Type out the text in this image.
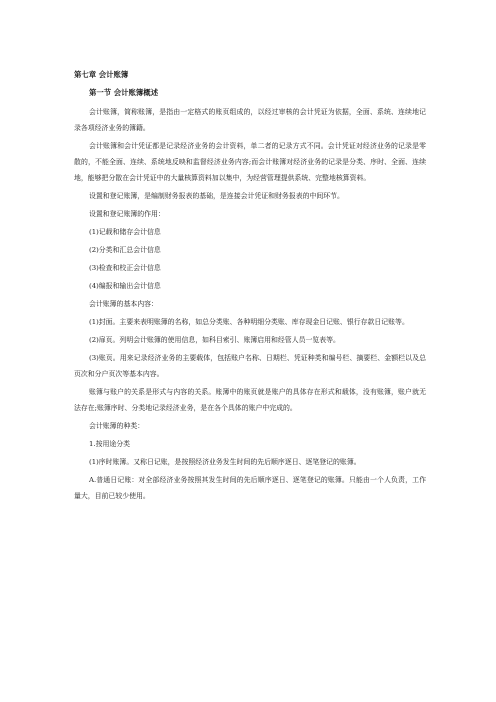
第七章 会计账簿
第一节 会计账簿概述

会计账簿，简称账簿，是指由一定格式的账页组成的，以经过审核的会计凭证为依据，全面、系统、连续地记录各项经济业务的簿籍。

会计账簿和会计凭证都是记录经济业务的会计资料，单二者的记录方式不同。会计凭证对经济业务的记录是零散的，不能全面、连续、系统地反映和监督经济业务内容;而会计账簿对经济业务的记录是分类、序时、全面、连续地，能够把分散在会计凭证中的大量核算资料加以集中，为经营管理提供系统、完整地核算资料。

设置和登记账簿，是编制财务报表的基础，是连接会计凭证和财务报表的中间环节。

设置和登记账簿的作用：

(1)记载和储存会计信息

(2)分类和汇总会计信息

(3)检查和校正会计信息

(4)编报和输出会计信息

会计账簿的基本内容：

(1)封面。主要来表明账簿的名称，如总分类账、各种明细分类账、库存现金日记账、银行存款日记账等。

(2)扉页。列明会计账簿的使用信息，如科目索引、账簿启用和经管人员一览表等。

(3)账页。用来记录经济业务的主要载体，包括账户名称、日期栏、凭证种类和编号栏、摘要栏、金额栏以及总页次和分户页次等基本内容。

账簿与账户的关系是形式与内容的关系。账簿中的账页就是账户的具体存在形式和载体，没有账簿，账户就无法存在;账簿序时、分类地记录经济业务，是在各个具体的账户中完成的。

会计账簿的种类：

1.按用途分类

(1)序时账簿。又称日记账，是按照经济业务发生时间的先后顺序逐日、逐笔登记的账簿。

A.普通日记账：对全部经济业务按照其发生时间的先后顺序逐日、逐笔登记的账簿。只能由一个人负责，工作量大，目前已较少使用。
